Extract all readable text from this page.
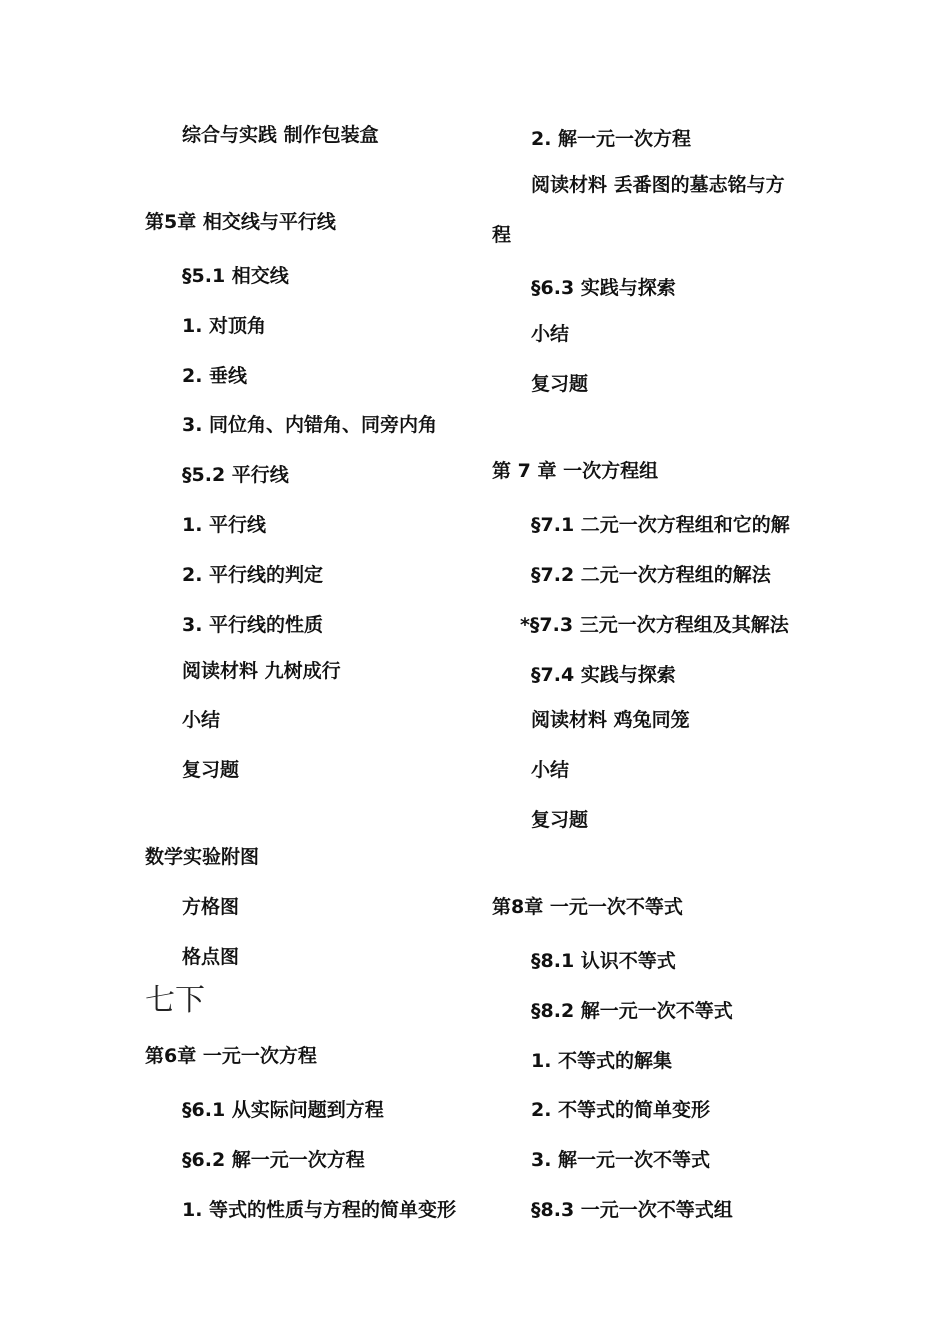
综合与实践 制作包装盒
第5章 相交线与平行线
§5.1 相交线
1. 对顶角
2. 垂线
3. 同位角、内错角、同旁内角
§5.2 平行线
1. 平行线
2. 平行线的判定
3. 平行线的性质
阅读材料 九树成行
小结
复习题
数学实验附图
方格图
格点图
七下
第6章 一元一次方程
§6.1 从实际问题到方程
§6.2 解一元一次方程
1. 等式的性质与方程的简单变形
2. 解一元一次方程
阅读材料 丢番图的墓志铭与方
程
§6.3 实践与探索
小结
复习题
第 7 章 一次方程组
§7.1 二元一次方程组和它的解
§7.2 二元一次方程组的解法
*§7.3 三元一次方程组及其解法
§7.4 实践与探索
阅读材料 鸡兔同笼
小结
复习题
第8章 一元一次不等式
§8.1 认识不等式
§8.2 解一元一次不等式
1. 不等式的解集
2. 不等式的简单变形
3. 解一元一次不等式
§8.3 一元一次不等式组
